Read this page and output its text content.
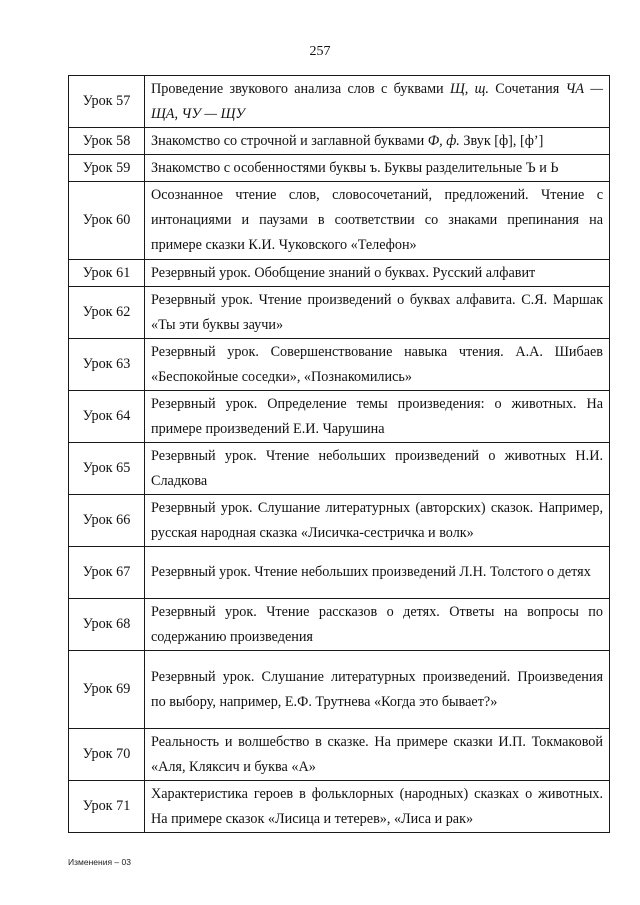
257
Урок 57	Проведение звукового анализа слов с буквами Щ, щ. Сочетания ЧА — ЩА, ЧУ — ЩУ
Урок 58	Знакомство со строчной и заглавной буквами Ф, ф. Звук [ф], [ф’]
Урок 59	Знакомство с особенностями буквы ъ. Буквы разделительные Ъ и Ь
Урок 60	Осознанное чтение слов, словосочетаний, предложений. Чтение с интонациями и паузами в соответствии со знаками препинания на примере сказки К.И. Чуковского «Телефон»
Урок 61	Резервный урок. Обобщение знаний о буквах. Русский алфавит
Урок 62	Резервный урок. Чтение произведений о буквах алфавита. С.Я. Маршак «Ты эти буквы заучи»
Урок 63	Резервный урок. Совершенствование навыка чтения. А.А. Шибаев «Беспокойные соседки», «Познакомились»
Урок 64	Резервный урок. Определение темы произведения: о животных. На примере произведений Е.И. Чарушина
Урок 65	Резервный урок. Чтение небольших произведений о животных Н.И. Сладкова
Урок 66	Резервный урок. Слушание литературных (авторских) сказок. Например, русская народная сказка «Лисичка-сестричка и волк»
Урок 67	Резервный урок. Чтение небольших произведений Л.Н. Толстого о детях
Урок 68	Резервный урок. Чтение рассказов о детях. Ответы на вопросы по содержанию произведения
Урок 69	Резервный урок. Слушание литературных произведений. Произведения по выбору, например, Е.Ф. Трутнева «Когда это бывает?»
Урок 70	Реальность и волшебство в сказке. На примере сказки И.П. Токмаковой «Аля, Кляксич и буква «А»
Урок 71	Характеристика героев в фольклорных (народных) сказках о животных. На примере сказок «Лисица и тетерев», «Лиса и рак»
Изменения – 03
